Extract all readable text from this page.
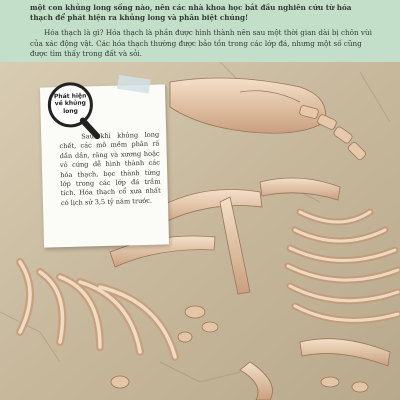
một con khủng long sống nào, nên các nhà khoa học bắt đầu nghiên cứu từ hóa thạch để phát hiện ra khủng long và phân biệt chúng!
Hóa thạch là gì? Hóa thạch là phần được hình thành nên sau một thời gian dài bị chôn vùi của xác động vật. Các hóa thạch thường được bảo tồn trong các lớp đá, nhưng một số cũng được tìm thấy trong đất và sỏi.
Phát hiện về khủng long
Sau khi khủng long chết, các mô mềm phân rã dần dần, răng và xương hoặc vỏ cứng dễ hình thành các hóa thạch, bọc thành từng lớp trong các lớp đá trầm tích. Hóa thạch cổ xưa nhất có lịch sử 3,5 tỷ năm trước.
